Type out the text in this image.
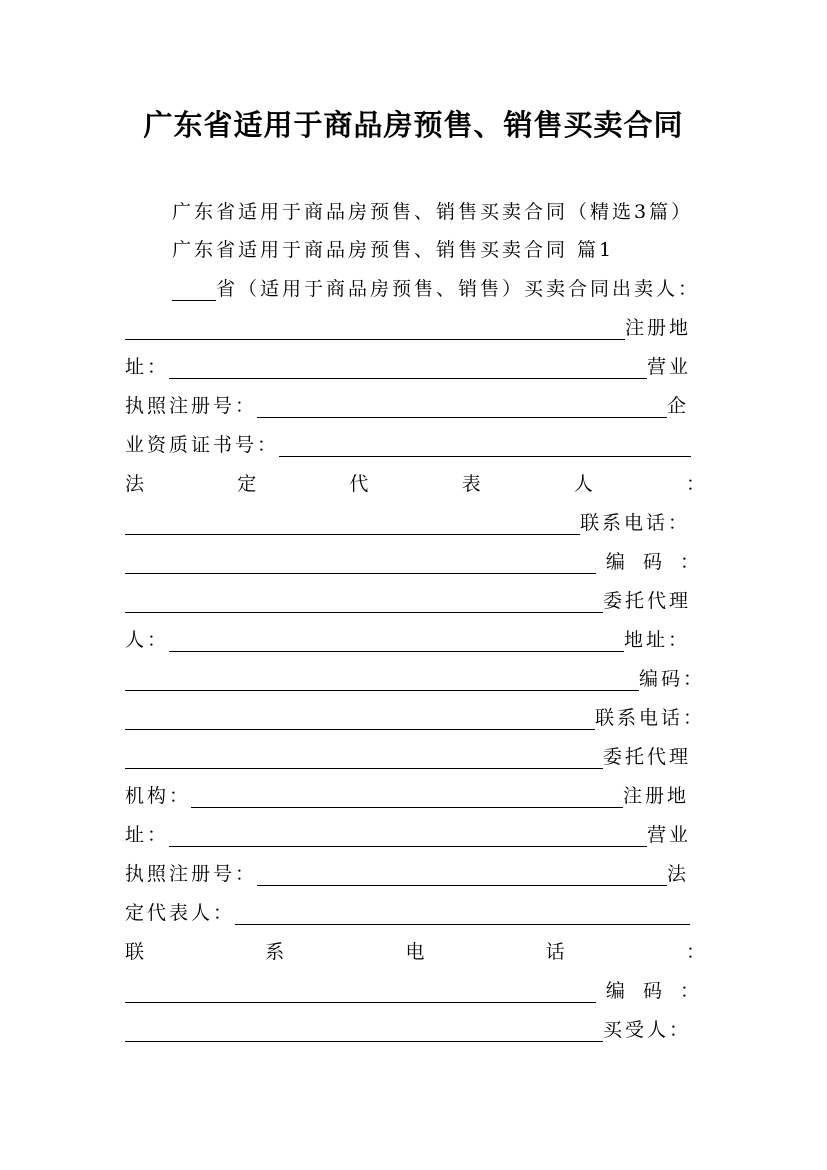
广东省适用于商品房预售、销售买卖合同
广东省适用于商品房预售、销售买卖合同（精选3篇）
广东省适用于商品房预售、销售买卖合同 篇1
省（适用于商品房预售、销售）买卖合同出卖人：
注册地
址：	营业
执照注册号：	企
业资质证书号：
法	定	代	表	人	：
联系电话：
编 码 ：
委托代理
人：	地址：
编码：
联系电话：
委托代理
机构：	注册地
址：	营业
执照注册号：	法
定代表人：
联	系	电	话	：
编 码 ：
买受人：
